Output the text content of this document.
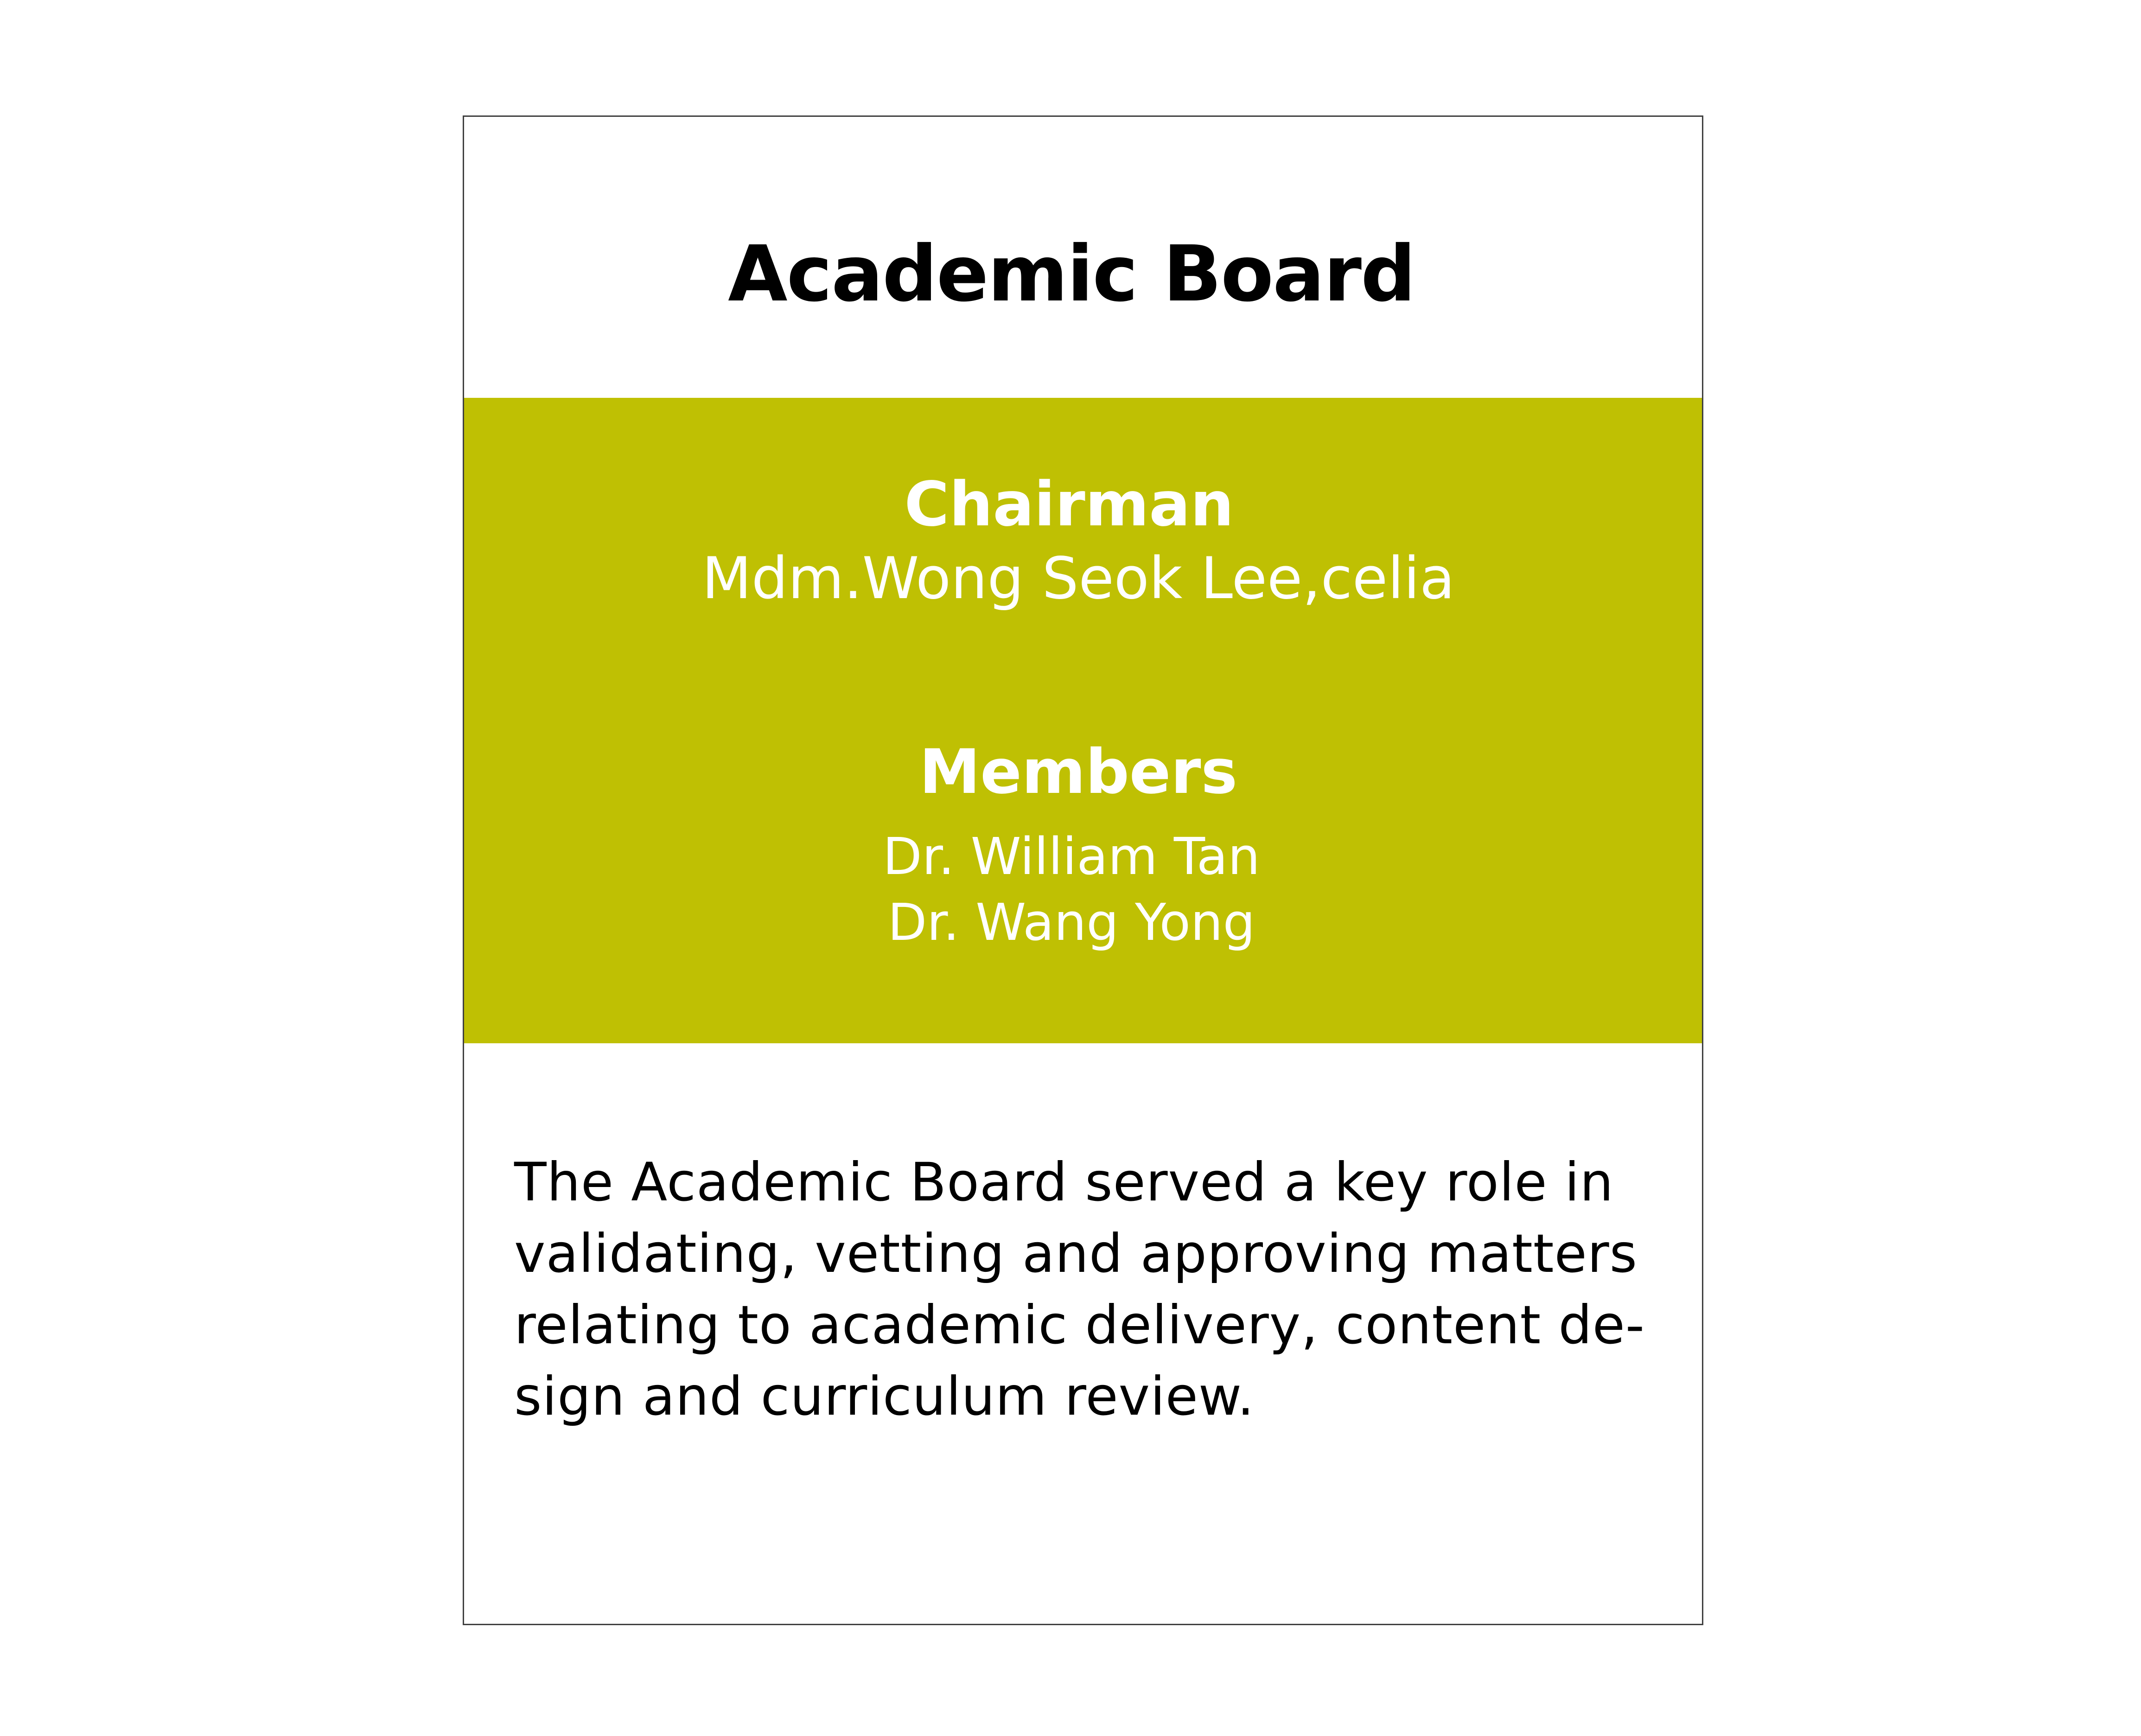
Academic Board
Chairman

Mdm.Wong Seok Lee,celia

Members
Dr. William Tan
Dr. Wang Yong

The Academic Board served a key role in
validating, vetting and approving matters
relating to academic delivery, content de-
sign and curriculum review.
